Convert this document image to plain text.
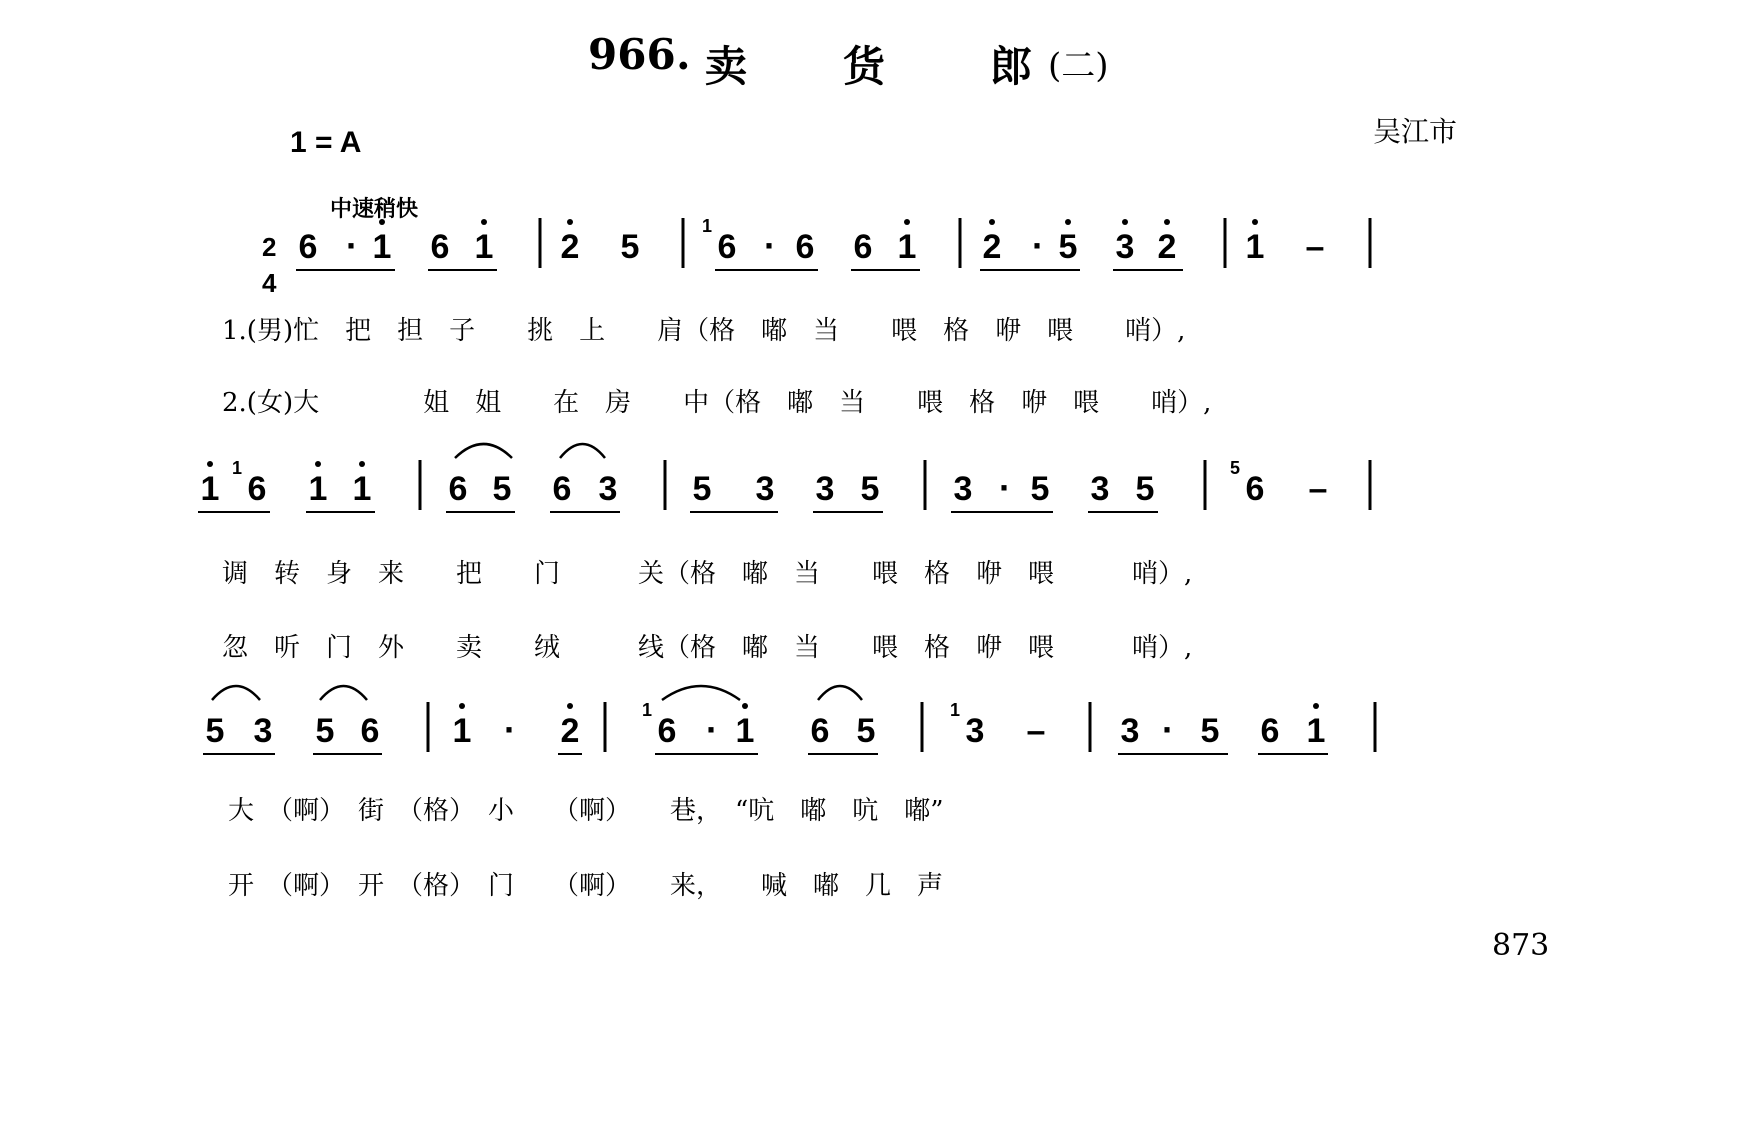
6 · 1 6 1 2 5 6
1 · 6 6 1 2 · 5 3 2 1 –
1 6
1
1 1 6 5 6 3 5 3 3 5 3 · 5 3 5	6
5
–
5 3 5 6 1 · 2 6
1 · 1 6 5	3
1
– 3 · 5 6 1
966 . 卖 货 郎 (二)
1 = A	吴江市
中速稍快
2
4
1.(男)忙　把　担　子　　挑　上　　肩（格　嘟　当　　喂　格　咿　喂　　哨）,
2.(女)大　　　　姐　姐　　在　房　　中（格　嘟　当　　喂　格　咿　喂　　哨）,
调　转　身　来　　把　　门　　　关（格　嘟　当　　喂　格　咿　喂　　　哨）,
忽　听　门　外　　卖　　绒　　　线（格　嘟　当　　喂　格　咿　喂　　　哨）,
大　（啊）　街　（格）　小　　（啊）　　巷，　“吭　嘟　吭　嘟”
开　（啊）　开　（格）　门　　（啊）　　来，　　喊　嘟　几　声
873
